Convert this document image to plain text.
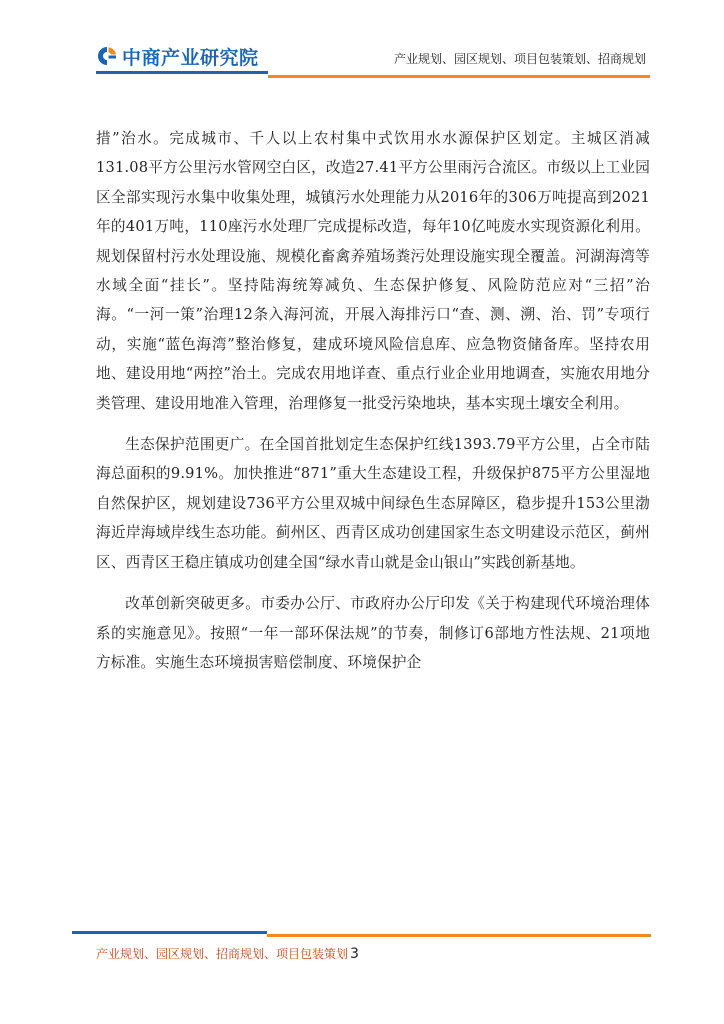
中商产业研究院	产业规划、园区规划、项目包装策划、招商规划

措”治水。完成城市、千人以上农村集中式饮用水水源保护区划定。主城区消减131.08平方公里污水管网空白区，改造27.41平方公里雨污合流区。市级以上工业园区全部实现污水集中收集处理，城镇污水处理能力从2016年的306万吨提高到2021年的401万吨，110座污水处理厂完成提标改造，每年10亿吨废水实现资源化利用。规划保留村污水处理设施、规模化畜禽养殖场粪污处理设施实现全覆盖。河湖海湾等水域全面“挂长”。坚持陆海统筹减负、生态保护修复、风险防范应对“三招”治海。“一河一策”治理12条入海河流，开展入海排污口“查、测、溯、治、罚”专项行动，实施“蓝色海湾”整治修复，建成环境风险信息库、应急物资储备库。坚持农用地、建设用地“两控”治土。完成农用地详查、重点行业企业用地调查，实施农用地分类管理、建设用地准入管理，治理修复一批受污染地块，基本实现土壤安全利用。

生态保护范围更广。在全国首批划定生态保护红线1393.79平方公里，占全市陆海总面积的9.91%。加快推进“871”重大生态建设工程，升级保护875平方公里湿地自然保护区，规划建设736平方公里双城中间绿色生态屏障区，稳步提升153公里渤海近岸海域岸线生态功能。蓟州区、西青区成功创建国家生态文明建设示范区，蓟州区、西青区王稳庄镇成功创建全国“绿水青山就是金山银山”实践创新基地。

改革创新突破更多。市委办公厅、市政府办公厅印发《关于构建现代环境治理体系的实施意见》。按照“一年一部环保法规”的节奏，制修订6部地方性法规、21项地方标准。实施生态环境损害赔偿制度、环境保护企

产业规划、园区规划、招商规划、项目包装策划 3
